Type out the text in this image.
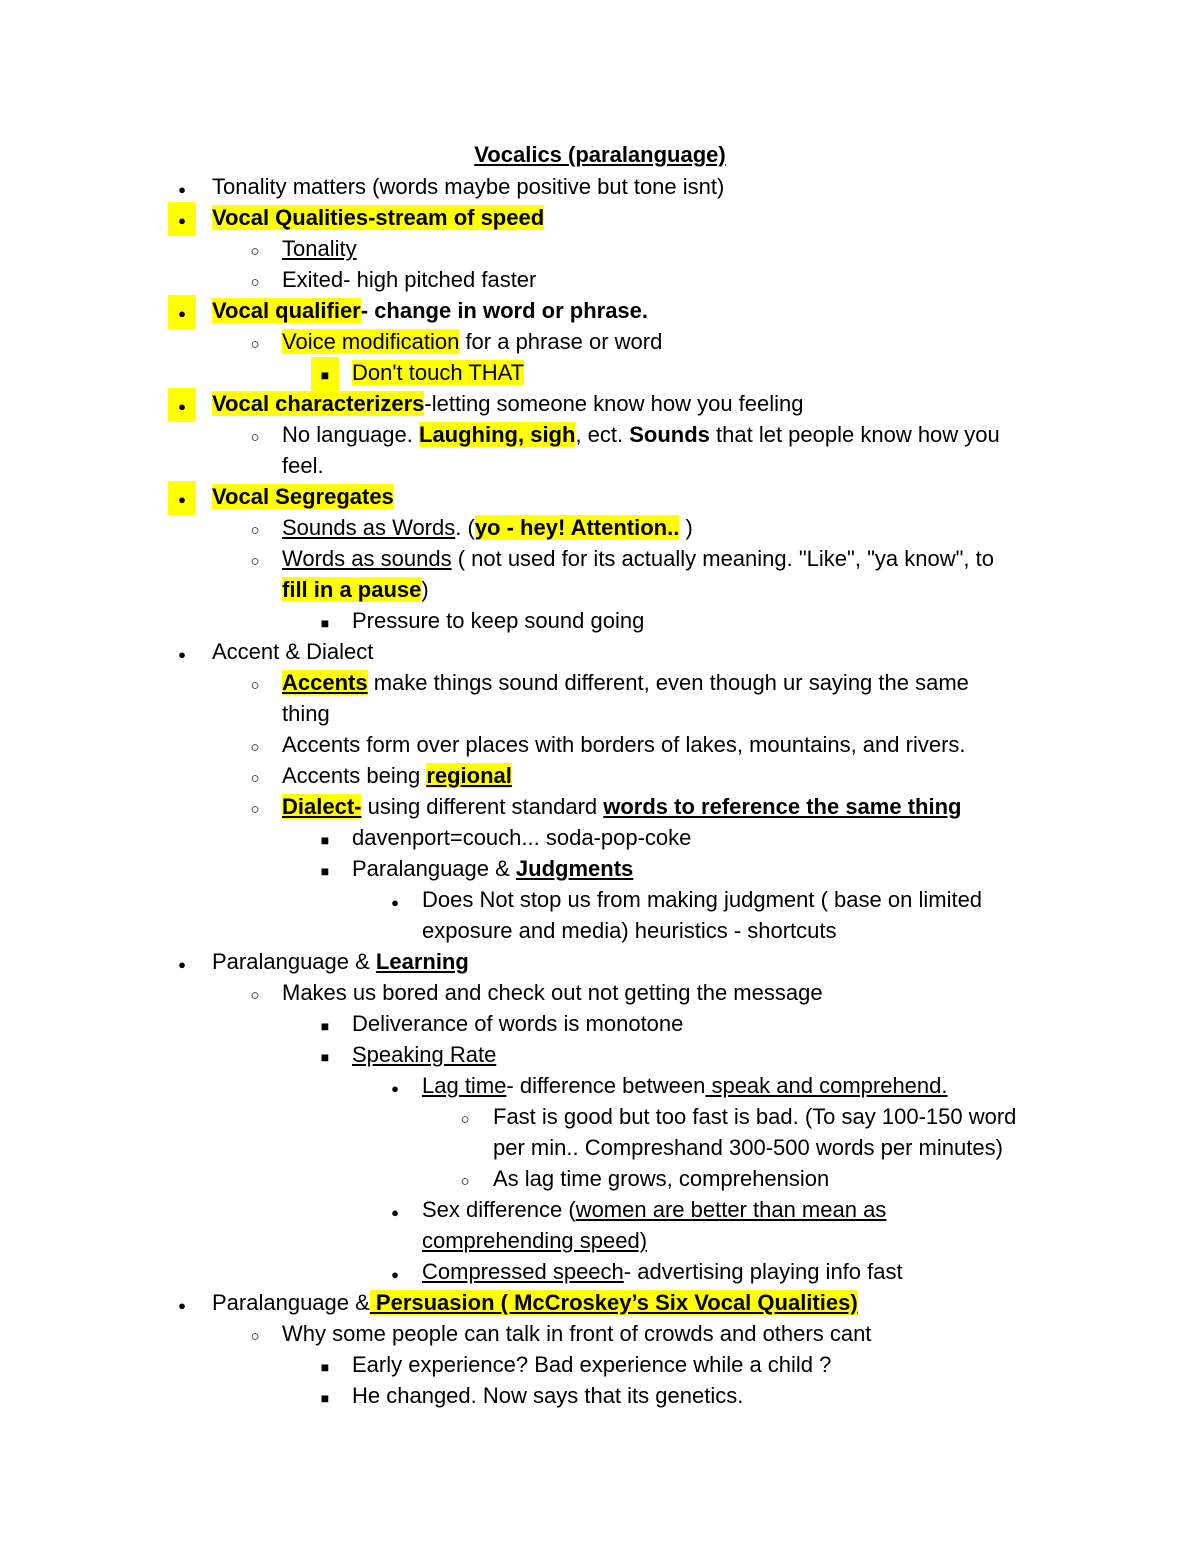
Vocalics (paralanguage)
●
Tonality matters (words maybe positive but tone isnt)
●
Vocal Qualities-stream of speed
○
Tonality
○
Exited- high pitched faster
●
Vocal qualifier- change in word or phrase.
○
Voice modification for a phrase or word
■
Don't touch THAT
●
Vocal characterizers-letting someone know how you feeling
○
No language. Laughing, sigh, ect. Sounds that let people know how you
feel.
●
Vocal Segregates
○
Sounds as Words. (yo - hey! Attention.. )
○
Words as sounds ( not used for its actually meaning. "Like", "ya know", to
fill in a pause)
■
Pressure to keep sound going
●
Accent & Dialect
○
Accents make things sound different, even though ur saying the same
thing
○
Accents form over places with borders of lakes, mountains, and rivers.
○
Accents being regional
○
Dialect- using different standard words to reference the same thing
■
davenport=couch... soda-pop-coke
■
Paralanguage & Judgments
●
Does Not stop us from making judgment ( base on limited
exposure and media) heuristics - shortcuts
●
Paralanguage & Learning
○
Makes us bored and check out not getting the message
■
Deliverance of words is monotone
■
Speaking Rate
●
Lag time- difference between speak and comprehend.
○
Fast is good but too fast is bad. (To say 100-150 word
per min.. Compreshand 300-500 words per minutes)
○
As lag time grows, comprehension
●
Sex difference (women are better than mean as
comprehending speed)
●
Compressed speech- advertising playing info fast
●
Paralanguage & Persuasion ( McCroskey’s Six Vocal Qualities)
○
Why some people can talk in front of crowds and others cant
■
Early experience? Bad experience while a child ?
■
He changed. Now says that its genetics.
